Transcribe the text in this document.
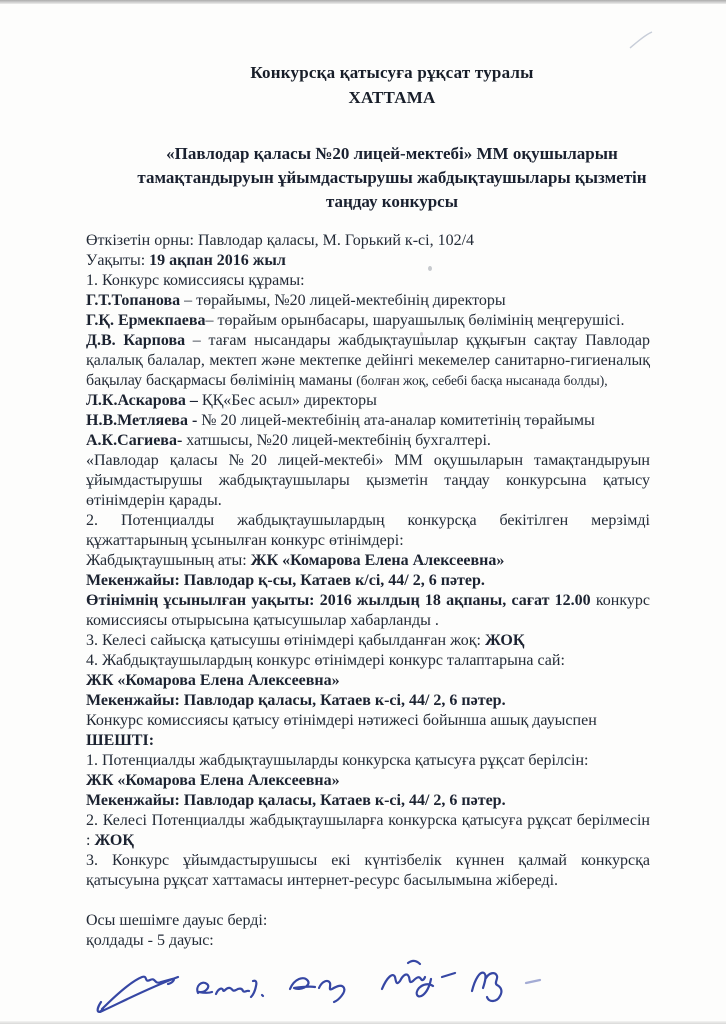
Конкурсқа қатысуға рұқсат туралы
ХАТТАМА
«Павлодар қаласы №20 лицей-мектебі» ММ оқушыларын
тамақтандыруын ұйымдастырушы жабдықтаушылары қызметін
таңдау конкурсы

Өткізетін орны: Павлодар қаласы, М. Горький к-сі, 102/4

Уақыты: 19 ақпан 2016 жыл

1. Конкурс комиссиясы құрамы:

Г.Т.Топанова – төрайымы, №20 лицей-мектебінің директоры

Г.Қ. Ермекпаева– төрайым орынбасары, шаруашылық бөлімінің меңгерушісі.

Д.В. Карпова – тағам нысандары жабдықтаушылар құқығын сақтау Павлодар қалалық балалар, мектеп және мектепке дейінгі мекемелер санитарно-гигиеналық бақылау басқармасы бөлімінің маманы (болған жоқ, себебі басқа нысанада болды),

Л.К.Аскарова – ҚҚ«Бес асыл» директоры

Н.В.Метляева - № 20 лицей-мектебінің ата-аналар комитетінің төрайымы

А.К.Сагиева- хатшысы, №20 лицей-мектебінің бухгалтері.

«Павлодар қаласы №20 лицей-мектебі» ММ оқушыларын тамақтандыруын ұйымдастырушы жабдықтаушылары қызметін таңдау конкурсына қатысу өтінімдерін қарады.

2. Потенциалды жабдықтаушылардың конкурсқа бекітілген мерзімді құжаттарының ұсынылған конкурс өтінімдері:

Жабдықтаушының аты: ЖК «Комарова Елена Алексеевна»

Мекенжайы: Павлодар қ-сы, Катаев к/сі, 44/ 2, 6 пәтер.

Өтінімнің ұсынылған уақыты: 2016 жылдың 18 ақпаны, сағат 12.00 конкурс комиссиясы отырысына қатысушылар хабарланды .

3. Келесі сайысқа қатысушы өтінімдері қабылданған жоқ: ЖОҚ

4. Жабдықтаушылардың конкурс өтінімдері конкурс талаптарына сай:

ЖК «Комарова Елена Алексеевна»

Мекенжайы: Павлодар қаласы, Катаев к-сі, 44/ 2, 6 пәтер.

Конкурс комиссиясы қатысу өтінімдері нәтижесі бойынша ашық дауыспен

ШЕШТІ:

1. Потенциалды жабдықтаушыларды конкурска қатысуға рұқсат берілсін:

ЖК «Комарова Елена Алексеевна»

Мекенжайы: Павлодар қаласы, Катаев к-сі, 44/ 2, 6 пәтер.

2. Келесі Потенциалды жабдықтаушыларға конкурска қатысуға рұқсат берілмесін : ЖОҚ

3. Конкурс ұйымдастырушысы екі күнтізбелік күннен қалмай конкурсқа қатысуына рұқсат хаттамасы интернет-ресурс басылымына жібереді.

Осы шешімге дауыс берді:

қолдады - 5 дауыс:
